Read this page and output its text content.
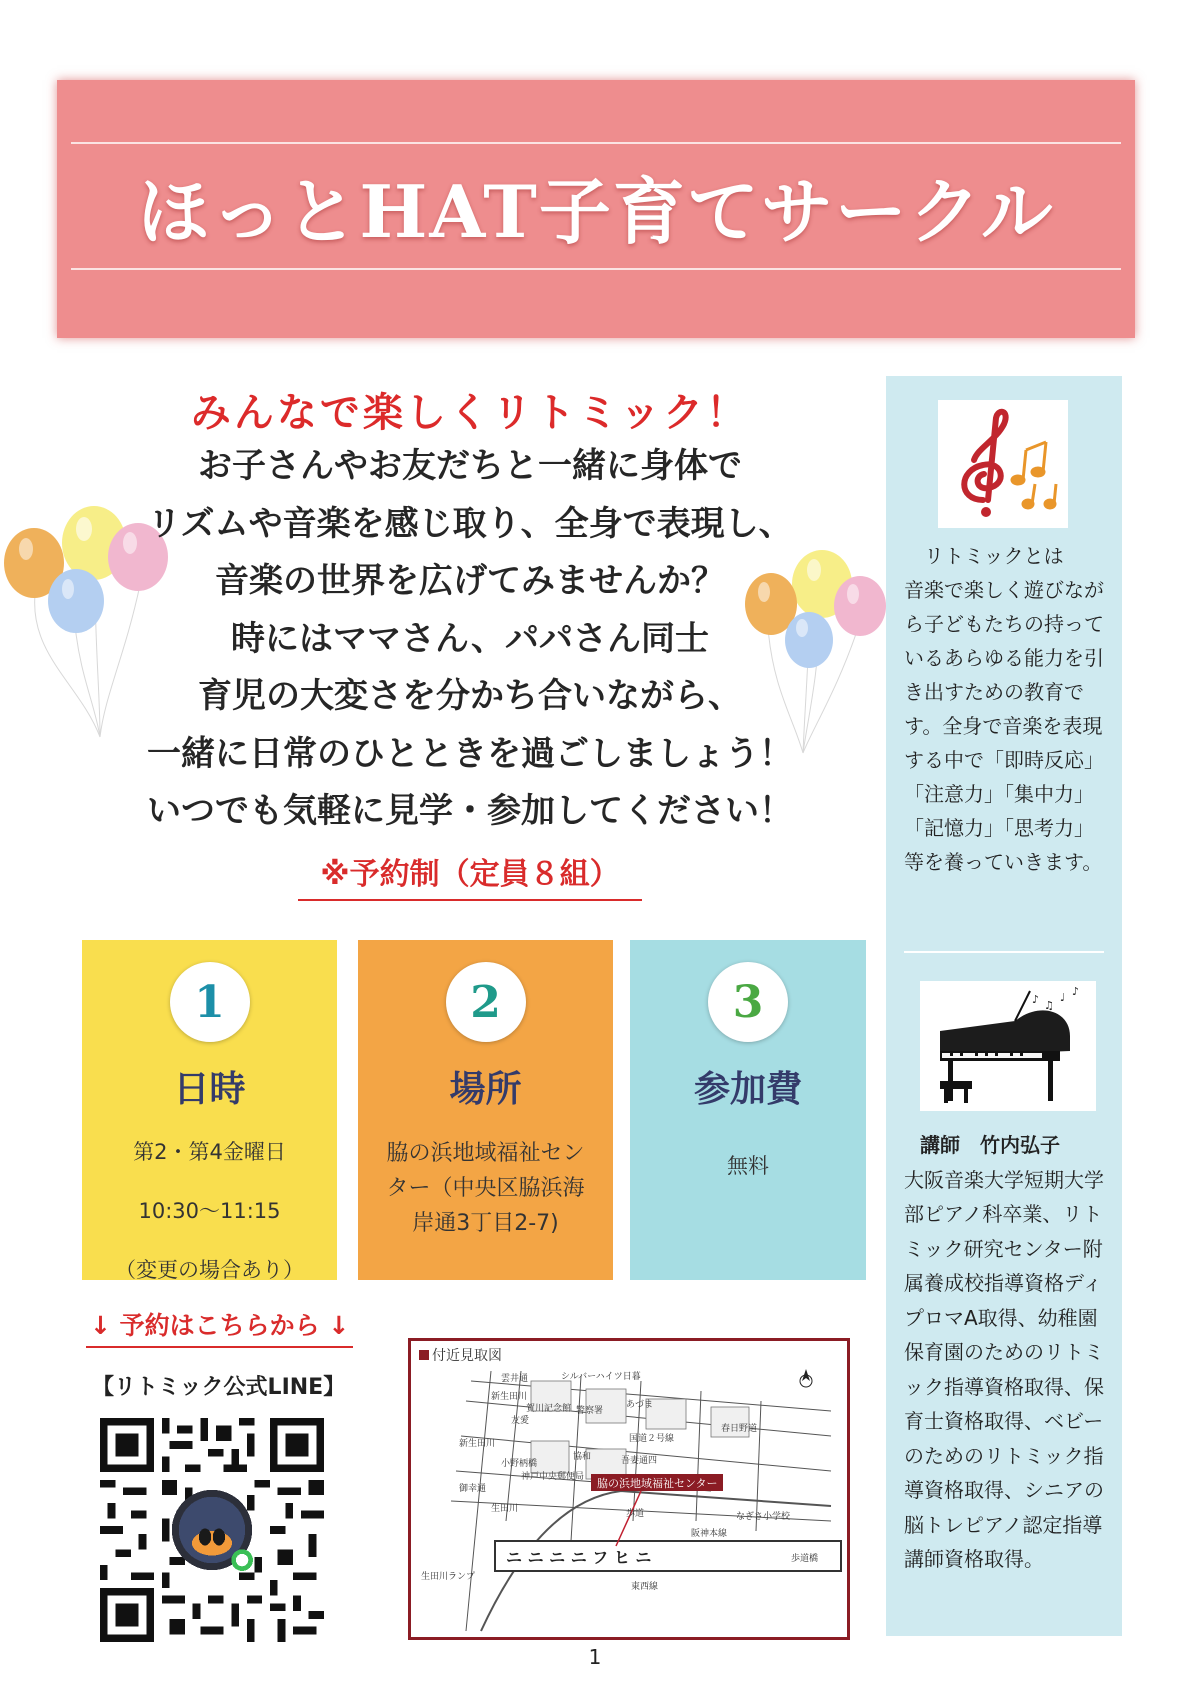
ほっとHAT子育てサークル

みんなで楽しくリトミック！

お子さんやお友だちと一緒に身体で

リズムや音楽を感じ取り、全身で表現し、

音楽の世界を広げてみませんか？

時にはママさん、パパさん同士

育児の大変さを分かち合いながら、

一緒に日常のひとときを過ごしましょう！

いつでも気軽に見学・参加してください！

※予約制（定員８組）
1
日時

第2・第4金曜日

10:30〜11:15

（変更の場合あり）

2
場所

脇の浜地域福祉センター（中央区脇浜海岸通3丁目2-7)

3
参加費

無料

↓ 予約はこちらから ↓
【リトミック公式LINE】
付近見取図
ニ ニ ニ ニ フ ヒ ニ
脇の浜地域福祉センター
雲井通	シルバーハイツ日暮
賀川記念館 警察署
新生田川
友愛
あづま
春日野道
国道２号線
新生田川
小野柄橋
協和	吾妻通四
御幸通
神戸中央郵便局
生田川	歩道	なぎさ小学校
東西線
生田川ランプ
歩道橋
阪神本線
リトミックとは
音楽で楽しく遊びながら子どもたちの持っているあらゆる能力を引き出すための教育です。全身で音楽を表現する中で「即時反応」「注意力」「集中力」「記憶力」「思考力」等を養っていきます。
♪ ♫
♩ ♪
講師　竹内弘子
大阪音楽大学短期大学部ピアノ科卒業、リトミック研究センター附属養成校指導資格ディプロマA取得、幼稚園保育園のためのリトミック指導資格取得、保育士資格取得、ベビーのためのリトミック指導資格取得、シニアの脳トレピアノ認定指導講師資格取得。
1
